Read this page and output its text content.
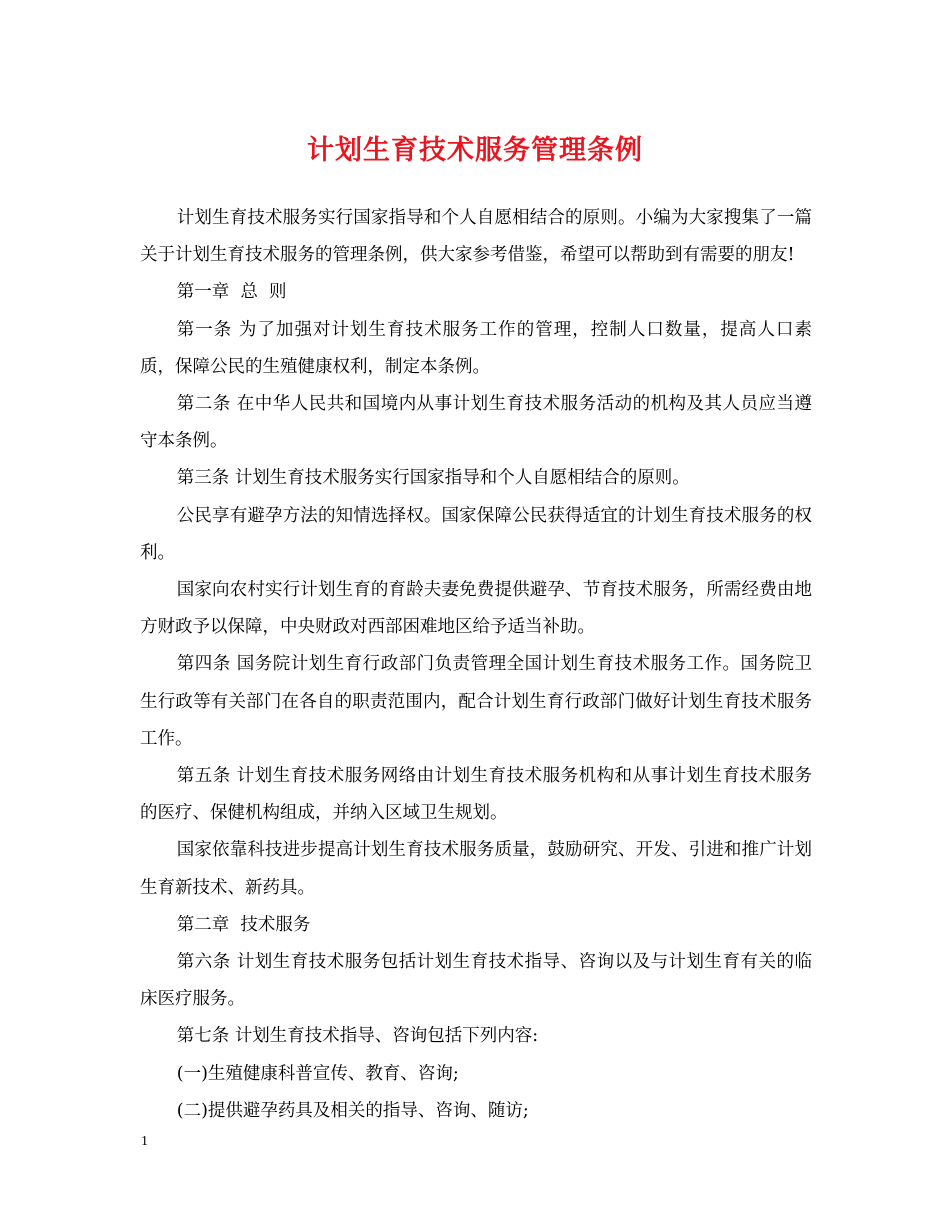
计划生育技术服务管理条例

计划生育技术服务实行国家指导和个人自愿相结合的原则。小编为大家搜集了一篇关于计划生育技术服务的管理条例，供大家参考借鉴，希望可以帮助到有需要的朋友!

第一章  总  则

第一条 为了加强对计划生育技术服务工作的管理，控制人口数量，提高人口素质，保障公民的生殖健康权利，制定本条例。

第二条 在中华人民共和国境内从事计划生育技术服务活动的机构及其人员应当遵守本条例。

第三条 计划生育技术服务实行国家指导和个人自愿相结合的原则。

公民享有避孕方法的知情选择权。国家保障公民获得适宜的计划生育技术服务的权利。

国家向农村实行计划生育的育龄夫妻免费提供避孕、节育技术服务，所需经费由地方财政予以保障，中央财政对西部困难地区给予适当补助。

第四条 国务院计划生育行政部门负责管理全国计划生育技术服务工作。国务院卫生行政等有关部门在各自的职责范围内，配合计划生育行政部门做好计划生育技术服务工作。

第五条 计划生育技术服务网络由计划生育技术服务机构和从事计划生育技术服务的医疗、保健机构组成，并纳入区域卫生规划。

国家依靠科技进步提高计划生育技术服务质量，鼓励研究、开发、引进和推广计划生育新技术、新药具。

第二章  技术服务

第六条 计划生育技术服务包括计划生育技术指导、咨询以及与计划生育有关的临床医疗服务。

第七条 计划生育技术指导、咨询包括下列内容:

(一)生殖健康科普宣传、教育、咨询;

(二)提供避孕药具及相关的指导、咨询、随访;

1
